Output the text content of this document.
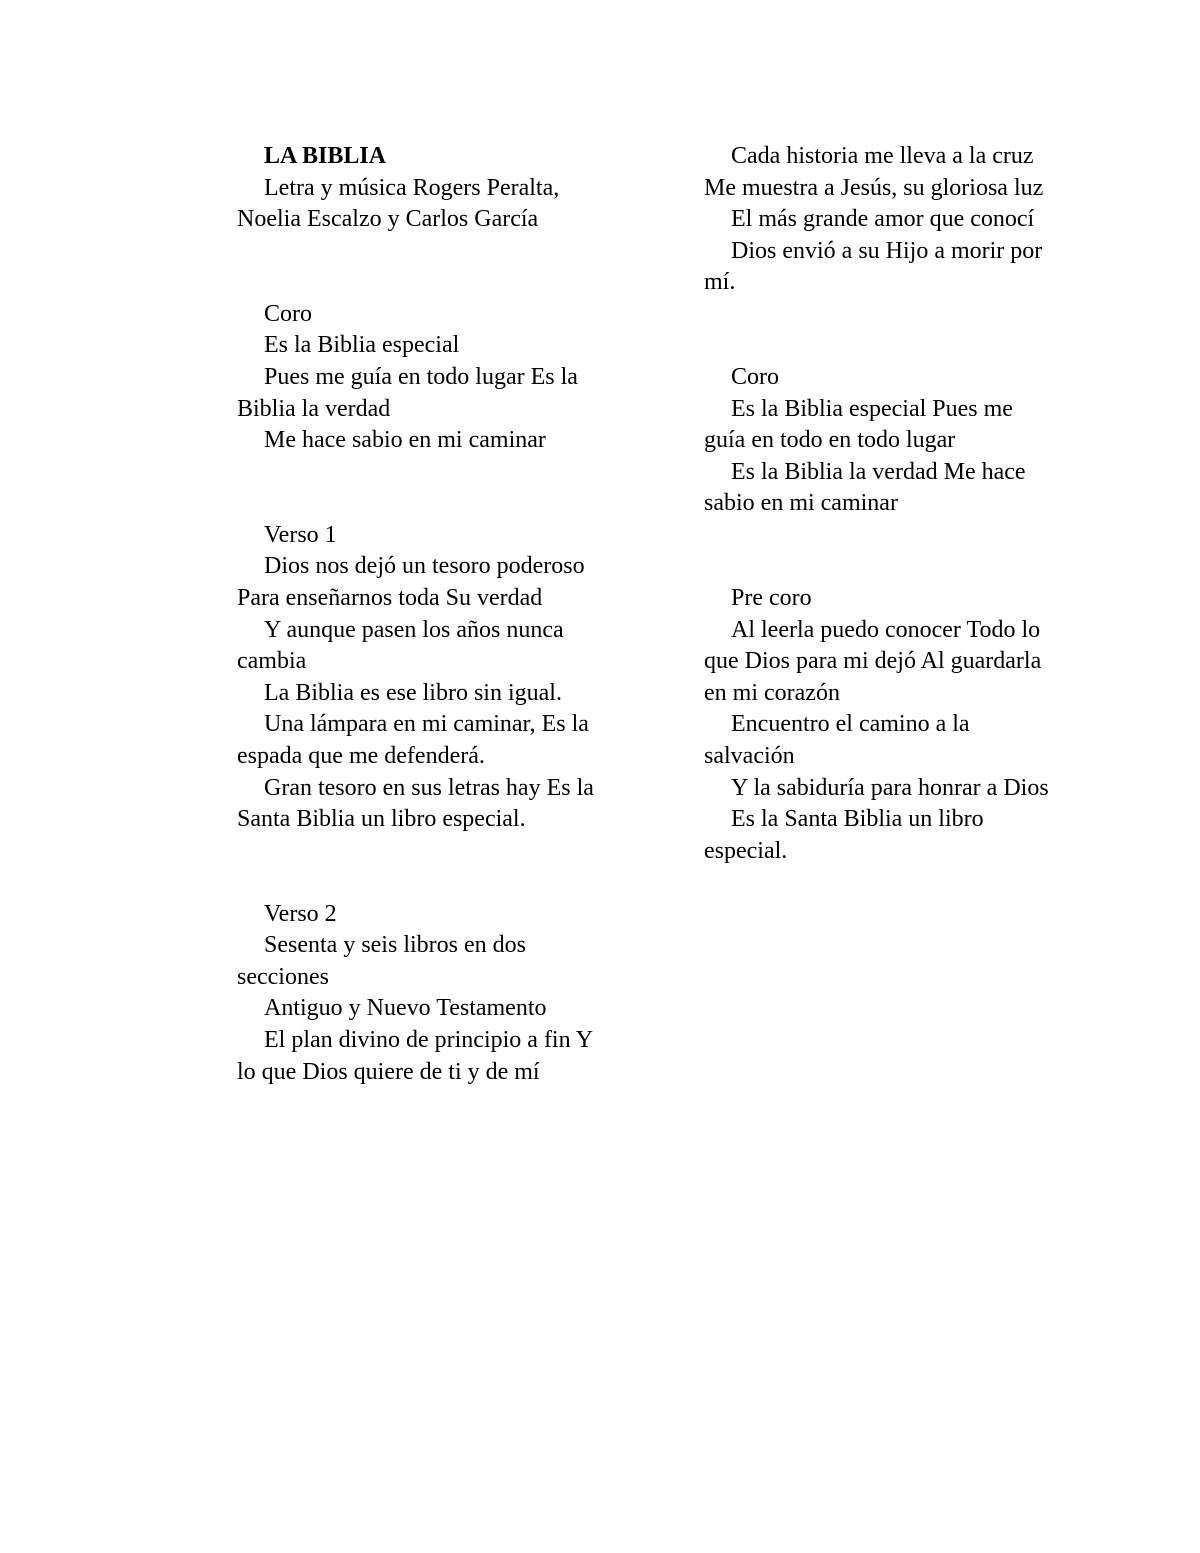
LA BIBLIA

Letra y música Rogers Peralta, Noelia Escalzo y Carlos García

Coro

Es la Biblia especial

Pues me guía en todo lugar Es la Biblia la verdad

Me hace sabio en mi caminar

Verso 1

Dios nos dejó un tesoro poderoso Para enseñarnos toda Su verdad

Y aunque pasen los años nunca cambia

La Biblia es ese libro sin igual.

Una lámpara en mi caminar, Es la espada que me defenderá.

Gran tesoro en sus letras hay Es la Santa Biblia un libro especial.

Verso 2

Sesenta y seis libros en dos secciones

Antiguo y Nuevo Testamento

El plan divino de principio a fin Y lo que Dios quiere de ti y de mí

Cada historia me lleva a la cruz Me muestra a Jesús, su gloriosa luz

El más grande amor que conocí

Dios envió a su Hijo a morir por mí.

Coro

Es la Biblia especial Pues me guía en todo en todo lugar

Es la Biblia la verdad Me hace sabio en mi caminar

Pre coro

Al leerla puedo conocer Todo lo que Dios para mi dejó Al guardarla en mi corazón

Encuentro el camino a la salvación

Y la sabiduría para honrar a Dios

Es la Santa Biblia un libro especial.
